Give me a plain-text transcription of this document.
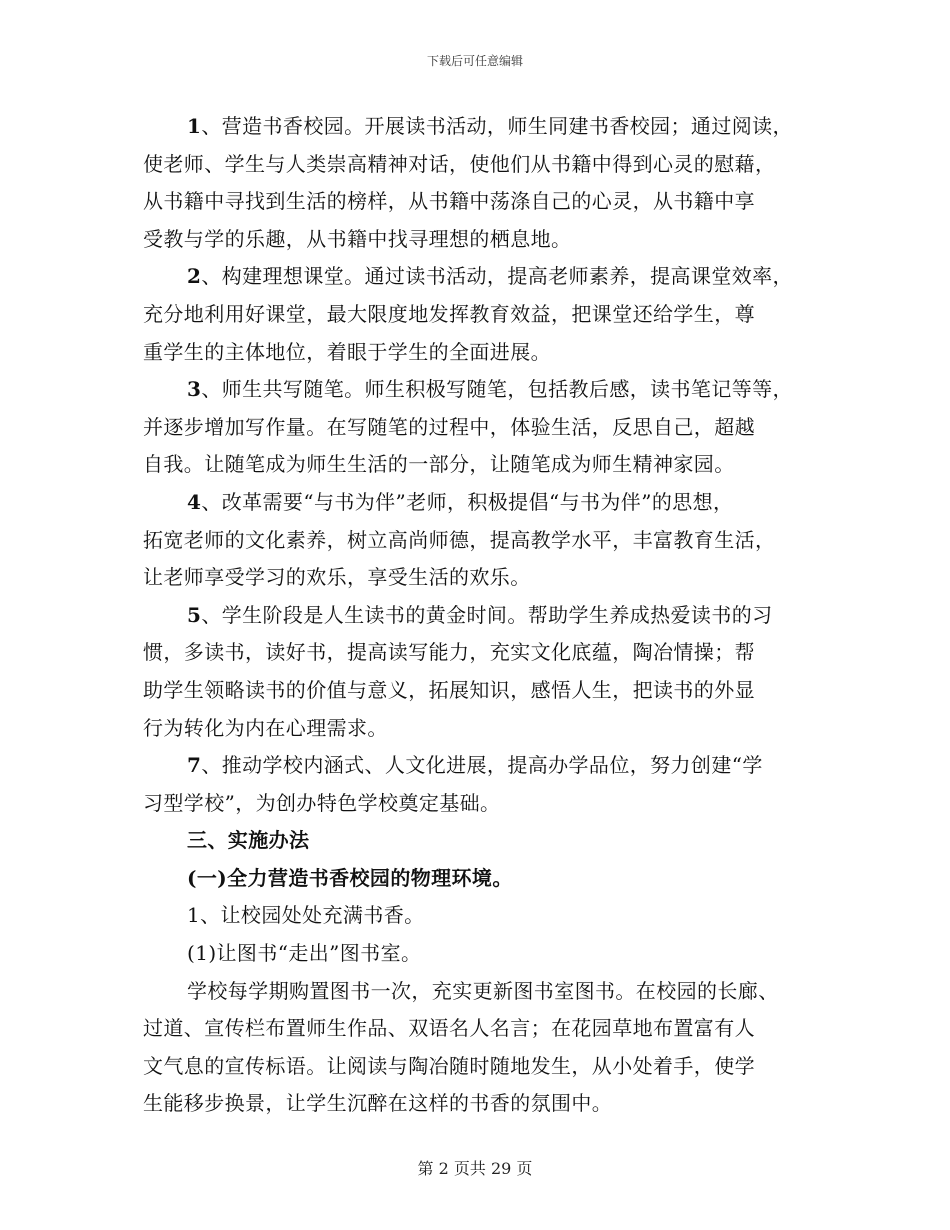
下载后可任意编辑
1、营造书香校园。开展读书活动，师生同建书香校园；通过阅读，
使老师、学生与人类崇高精神对话，使他们从书籍中得到心灵的慰藉，
从书籍中寻找到生活的榜样，从书籍中荡涤自己的心灵，从书籍中享
受教与学的乐趣，从书籍中找寻理想的栖息地。
2、构建理想课堂。通过读书活动，提高老师素养，提高课堂效率，
充分地利用好课堂，最大限度地发挥教育效益，把课堂还给学生，尊
重学生的主体地位，着眼于学生的全面进展。
3、师生共写随笔。师生积极写随笔，包括教后感，读书笔记等等，
并逐步增加写作量。在写随笔的过程中，体验生活，反思自己，超越
自我。让随笔成为师生生活的一部分，让随笔成为师生精神家园。
4、改革需要“与书为伴”老师，积极提倡“与书为伴”的思想，
拓宽老师的文化素养，树立高尚师德，提高教学水平，丰富教育生活，
让老师享受学习的欢乐，享受生活的欢乐。
5、学生阶段是人生读书的黄金时间。帮助学生养成热爱读书的习
惯，多读书，读好书，提高读写能力，充实文化底蕴，陶冶情操；帮
助学生领略读书的价值与意义，拓展知识，感悟人生，把读书的外显
行为转化为内在心理需求。
7、推动学校内涵式、人文化进展，提高办学品位，努力创建“学
习型学校”，为创办特色学校奠定基础。
三、实施办法
(一)全力营造书香校园的物理环境。
1、让校园处处充满书香。
(1)让图书“走出”图书室。
学校每学期购置图书一次，充实更新图书室图书。在校园的长廊、
过道、宣传栏布置师生作品、双语名人名言；在花园草地布置富有人
文气息的宣传标语。让阅读与陶冶随时随地发生，从小处着手，使学
生能移步换景，让学生沉醉在这样的书香的氛围中。
第 2 页共 29 页
